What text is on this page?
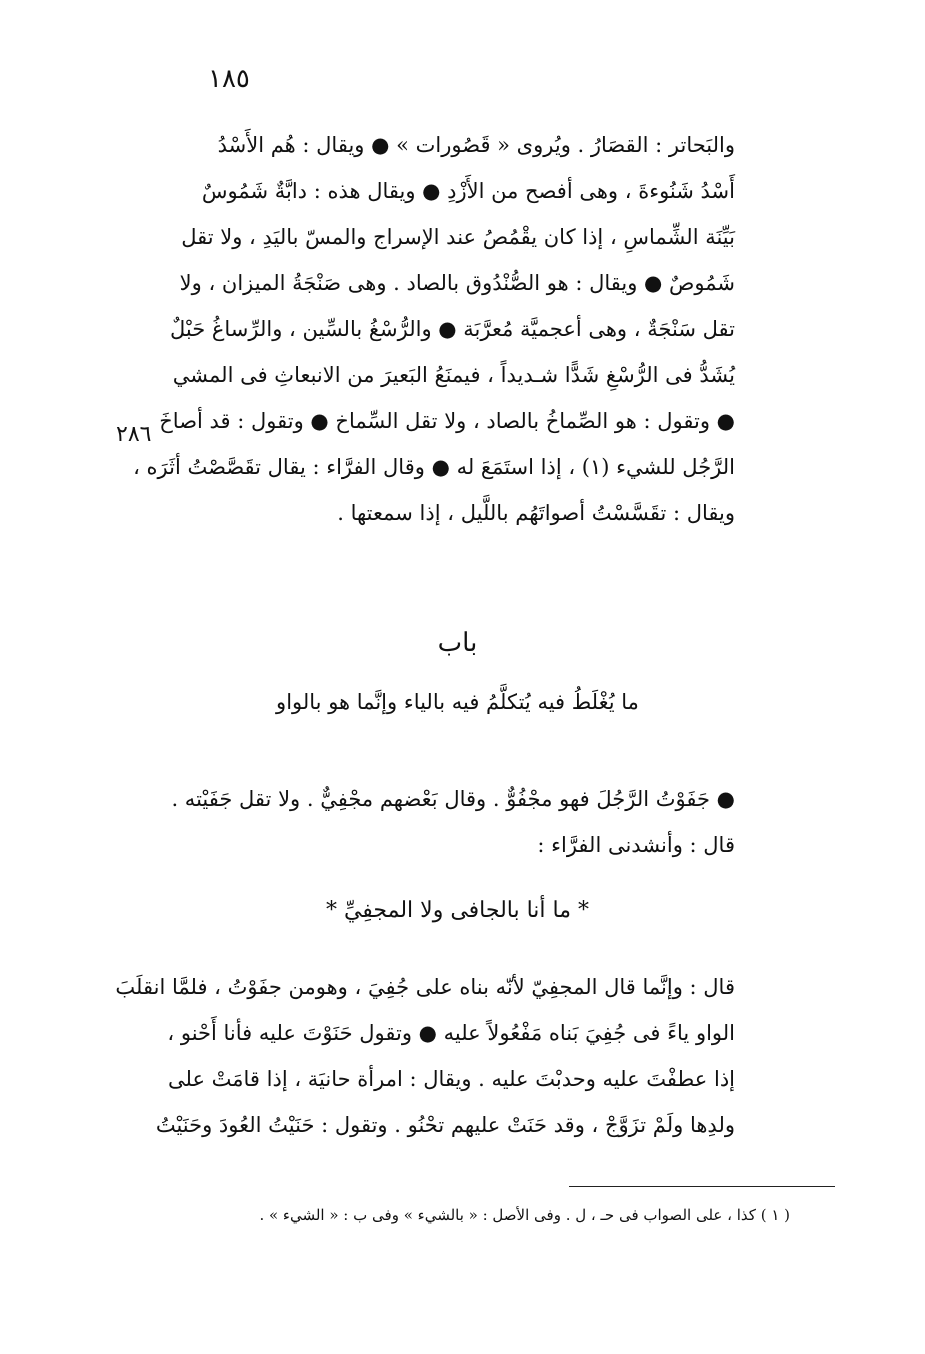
١٨٥
٢٨٦
والبَحاتر : القصَارُ . ويُروى « قَصُورات » ● ويقال : هُم الأَسْدُ
أَسْدُ شَنُوءةَ ، وهى أفصح من الأَزْدِ ● ويقال هذه : دابَّةٌ شَمُوسٌ
بَيِّنَة الشِّماسِ ، إذا كان يقْمُصُ عند الإسراج والمسّ باليَدِ ، ولا تقل
شَمُوصٌ ● ويقال : هو الصُّنْدُوق بالصاد . وهى صَنْجَةُ الميزان ، ولا
تقل سَنْجَةٌ ، وهى أعجميَّة مُعرَّبَة ● والرُّسْغُ بالسِّين ، والرِّساغُ حَبْلٌ
يُشَدُّ فى الرُّسْغِ شَدًّا شـديداً ، فيمنَعُ البَعيرَ من الانبعاثِ فى المشي
● وتقول : هو الصِّماخُ بالصاد ، ولا تقل السِّماخ ● وتقول : قد أصاخَ
الرَّجُل للشيء (١) ، إذا استَمَعَ له ● وقال الفرَّاء : يقال تقَصَّصْتُ أثَرَه ،
ويقال : تقَسَّسْتُ أصواتَهُم باللَّيل ، إذا سمعتها .
باب
ما يُغْلَطُ فيه يُتكلَّمُ فيه بالياء وإنَّما هو بالواو
● جَفَوْتُ الرَّجُلَ فهو مجْفُوٌّ . وقال بَعْضهم مجْفِيٌّ . ولا تقل جَفَيْته .
قال : وأنشدنى الفرَّاء :
* ما أنا بالجافى ولا المجفِيِّ *
قال : وإنَّما قال المجفِيّ لأنّه بناه على جُفِيَ ، وهومن جفَوْتُ ، فلمَّا انقلَبَ
الواو ياءً فى جُفِيَ بَناه مَفْعُولاً عليه ● وتقول حَنَوْتَ عليه فأنا أَحْنو ،
إذا عطفْتَ عليه وحدبْتَ عليه . ويقال : امرأة حانيَة ، إذا قامَتْ على
ولدِها ولَمْ تزَوَّجْ ، وقد حَنَتْ عليهم تحْنُو . وتقول : حَنَيْتُ العُودَ وحَنَيْتُ
( ١ ) كذا ، على الصواب فى حـ ، ل . وفى الأصل : « بالشيء » وفى ب : « الشيء » .
